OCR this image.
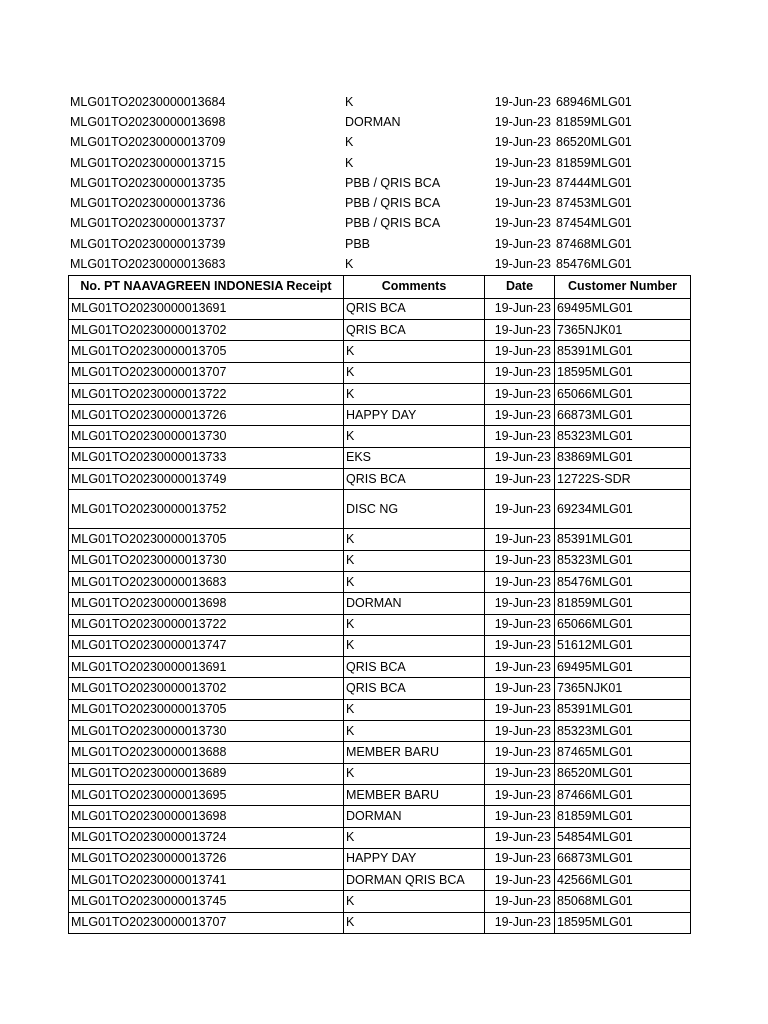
MLG01TO20230000013684	K	19-Jun-23	68946MLG01
MLG01TO20230000013698	DORMAN	19-Jun-23	81859MLG01
MLG01TO20230000013709	K	19-Jun-23	86520MLG01
MLG01TO20230000013715	K	19-Jun-23	81859MLG01
MLG01TO20230000013735	PBB / QRIS BCA	19-Jun-23	87444MLG01
MLG01TO20230000013736	PBB / QRIS BCA	19-Jun-23	87453MLG01
MLG01TO20230000013737	PBB / QRIS BCA	19-Jun-23	87454MLG01
MLG01TO20230000013739	PBB	19-Jun-23	87468MLG01
MLG01TO20230000013683	K	19-Jun-23	85476MLG01
No. PT NAAVAGREEN INDONESIA Receipt	Comments	Date	Customer Number
MLG01TO20230000013691	QRIS BCA	19-Jun-23	69495MLG01
MLG01TO20230000013702	QRIS BCA	19-Jun-23	7365NJK01
MLG01TO20230000013705	K	19-Jun-23	85391MLG01
MLG01TO20230000013707	K	19-Jun-23	18595MLG01
MLG01TO20230000013722	K	19-Jun-23	65066MLG01
MLG01TO20230000013726	HAPPY DAY	19-Jun-23	66873MLG01
MLG01TO20230000013730	K	19-Jun-23	85323MLG01
MLG01TO20230000013733	EKS	19-Jun-23	83869MLG01
MLG01TO20230000013749	QRIS BCA	19-Jun-23	12722S-SDR
MLG01TO20230000013752	DISC NG	19-Jun-23	69234MLG01
MLG01TO20230000013705	K	19-Jun-23	85391MLG01
MLG01TO20230000013730	K	19-Jun-23	85323MLG01
MLG01TO20230000013683	K	19-Jun-23	85476MLG01
MLG01TO20230000013698	DORMAN	19-Jun-23	81859MLG01
MLG01TO20230000013722	K	19-Jun-23	65066MLG01
MLG01TO20230000013747	K	19-Jun-23	51612MLG01
MLG01TO20230000013691	QRIS BCA	19-Jun-23	69495MLG01
MLG01TO20230000013702	QRIS BCA	19-Jun-23	7365NJK01
MLG01TO20230000013705	K	19-Jun-23	85391MLG01
MLG01TO20230000013730	K	19-Jun-23	85323MLG01
MLG01TO20230000013688	MEMBER BARU	19-Jun-23	87465MLG01
MLG01TO20230000013689	K	19-Jun-23	86520MLG01
MLG01TO20230000013695	MEMBER BARU	19-Jun-23	87466MLG01
MLG01TO20230000013698	DORMAN	19-Jun-23	81859MLG01
MLG01TO20230000013724	K	19-Jun-23	54854MLG01
MLG01TO20230000013726	HAPPY DAY	19-Jun-23	66873MLG01
MLG01TO20230000013741	DORMAN QRIS BCA	19-Jun-23	42566MLG01
MLG01TO20230000013745	K	19-Jun-23	85068MLG01
MLG01TO20230000013707	K	19-Jun-23	18595MLG01
